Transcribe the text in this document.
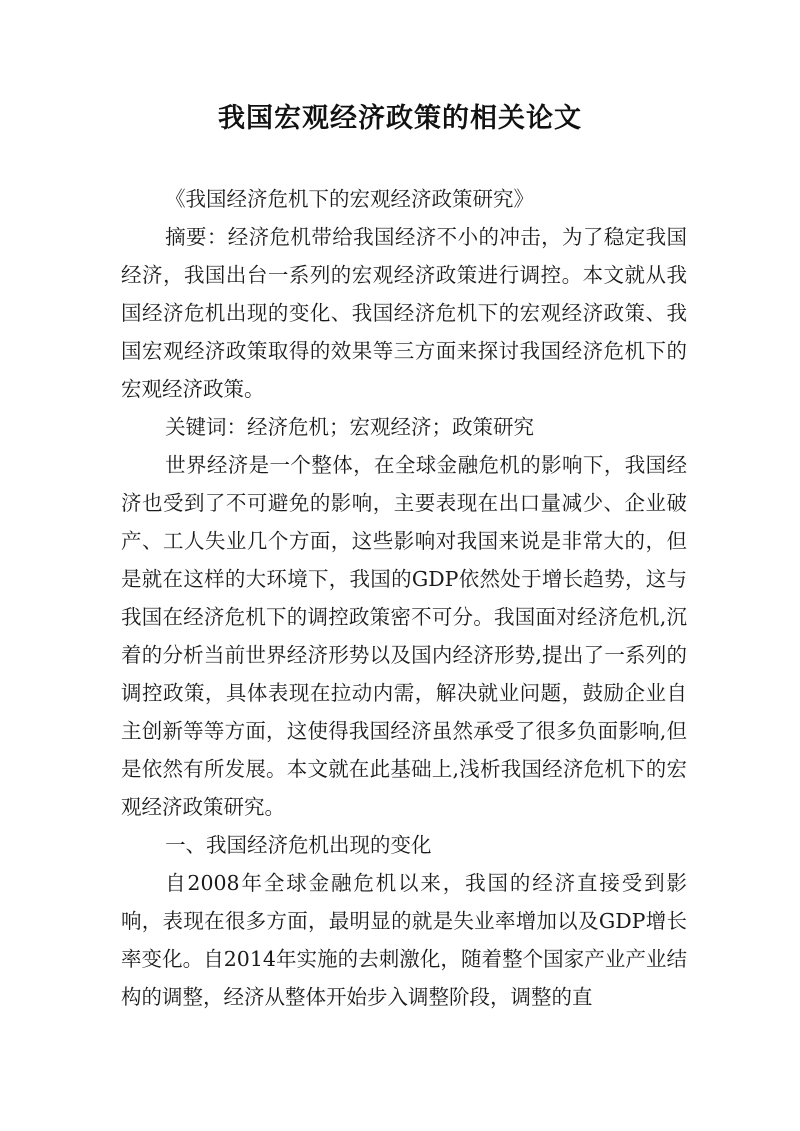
我国宏观经济政策的相关论文

《我国经济危机下的宏观经济政策研究》

摘要：经济危机带给我国经济不小的冲击，为了稳定我国经济，我国出台一系列的宏观经济政策进行调控。本文就从我国经济危机出现的变化、我国经济危机下的宏观经济政策、我国宏观经济政策取得的效果等三方面来探讨我国经济危机下的宏观经济政策。

关键词：经济危机；宏观经济；政策研究

世界经济是一个整体，在全球金融危机的影响下，我国经济也受到了不可避免的影响，主要表现在出口量减少、企业破产、工人失业几个方面，这些影响对我国来说是非常大的，但是就在这样的大环境下，我国的GDP依然处于增长趋势，这与我国在经济危机下的调控政策密不可分。我国面对经济危机,沉着的分析当前世界经济形势以及国内经济形势,提出了一系列的调控政策，具体表现在拉动内需，解决就业问题，鼓励企业自主创新等等方面，这使得我国经济虽然承受了很多负面影响,但是依然有所发展。本文就在此基础上,浅析我国经济危机下的宏观经济政策研究。

一、我国经济危机出现的变化

自2008年全球金融危机以来，我国的经济直接受到影响，表现在很多方面，最明显的就是失业率增加以及GDP增长率变化。自2014年实施的去刺激化，随着整个国家产业产业结构的调整，经济从整体开始步入调整阶段，调整的直
